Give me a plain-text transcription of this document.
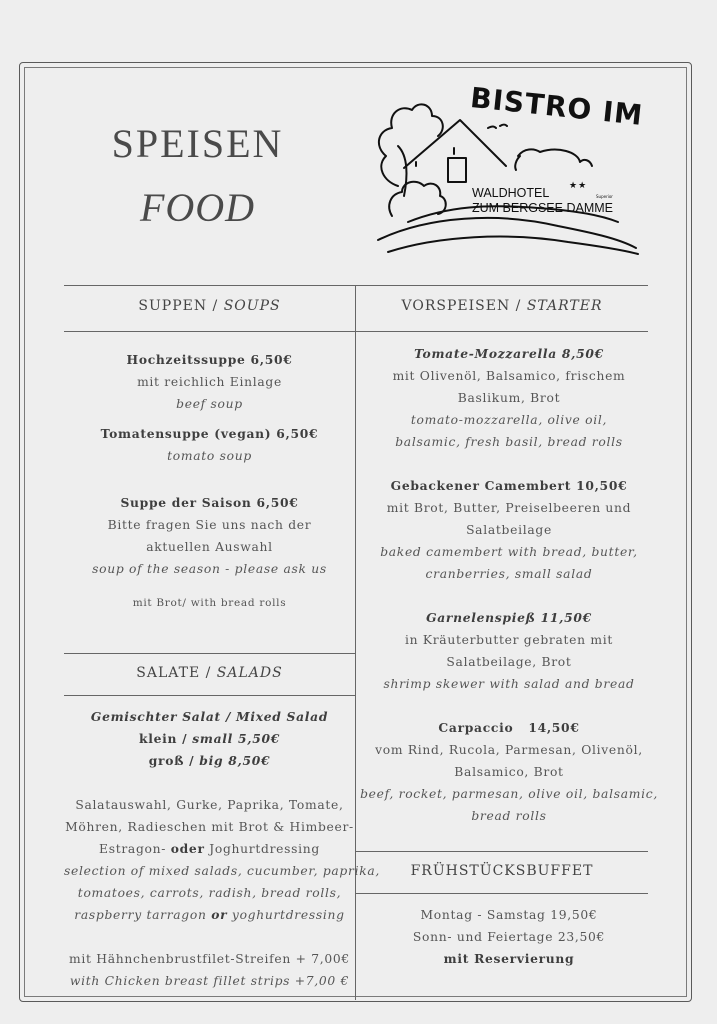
SPEISEN
FOOD
BISTRO IM
WALDHOTEL
ZUM BERGSEE DAMME
★★
Superior
SUPPEN / SOUPS	VORSPEISEN / STARTER
SALATE / SALADS
FRÜHSTÜCKSBUFFET
Hochzeitssuppe 6,50€
mit reichlich Einlage
beef soup
Tomatensuppe (vegan) 6,50€
tomato soup
Suppe der Saison 6,50€
Bitte fragen Sie uns nach der
aktuellen Auswahl
soup of the season - please ask us
mit Brot/ with bread rolls
Gemischter Salat / Mixed Salad
klein / small 5,50€
groß / big 8,50€
Salatauswahl, Gurke, Paprika, Tomate,
Möhren, Radieschen mit Brot & Himbeer-
Estragon- oder Joghurtdressing
selection of mixed salads, cucumber, paprika,
tomatoes, carrots, radish, bread rolls,
raspberry tarragon or yoghurtdressing
mit Hähnchenbrustfilet-Streifen + 7,00€
with Chicken breast fillet strips +7,00 €
Tomate-Mozzarella 8,50€
mit Olivenöl, Balsamico, frischem
Baslikum, Brot
tomato-mozzarella, olive oil,
balsamic, fresh basil, bread rolls
Gebackener Camembert 10,50€
mit Brot, Butter, Preiselbeeren und
Salatbeilage
baked camembert with bread, butter,
cranberries, small salad
Garnelenspieß 11,50€
in Kräuterbutter gebraten mit
Salatbeilage, Brot
shrimp skewer with salad and bread
Carpaccio   14,50€
vom Rind, Rucola, Parmesan, Olivenöl,
Balsamico, Brot
beef, rocket, parmesan, olive oil, balsamic,
bread rolls
Montag - Samstag 19,50€
Sonn- und Feiertage 23,50€
mit Reservierung
